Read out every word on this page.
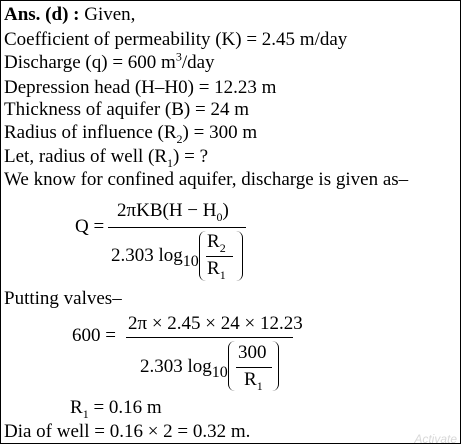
Ans. (d) : Given,
Coefficient of permeability (K) = 2.45 m/day
Discharge (q) = 600 $m^3$/day
Depression head (H–H0) = 12.23 m
Thickness of aquifer (B) = 24 m
Radius of influence $(R_2) = 300$ m
Let, radius of well $(R_1)$ = ?
We know for confined aquifer, discharge is given as–
Q =
$2\pi KB(H - H_0)$
2.303 $\log_{10}$
$R_2$
$R_1$
Putting valves–
600 =
2π × 2.45 × 24 × 12.23
2.303 $\log_{10}$
300
$R_1$
$R_1 = 0.16$ m
Dia of well = 0.16 × 2 = 0.32 m.	Activate
